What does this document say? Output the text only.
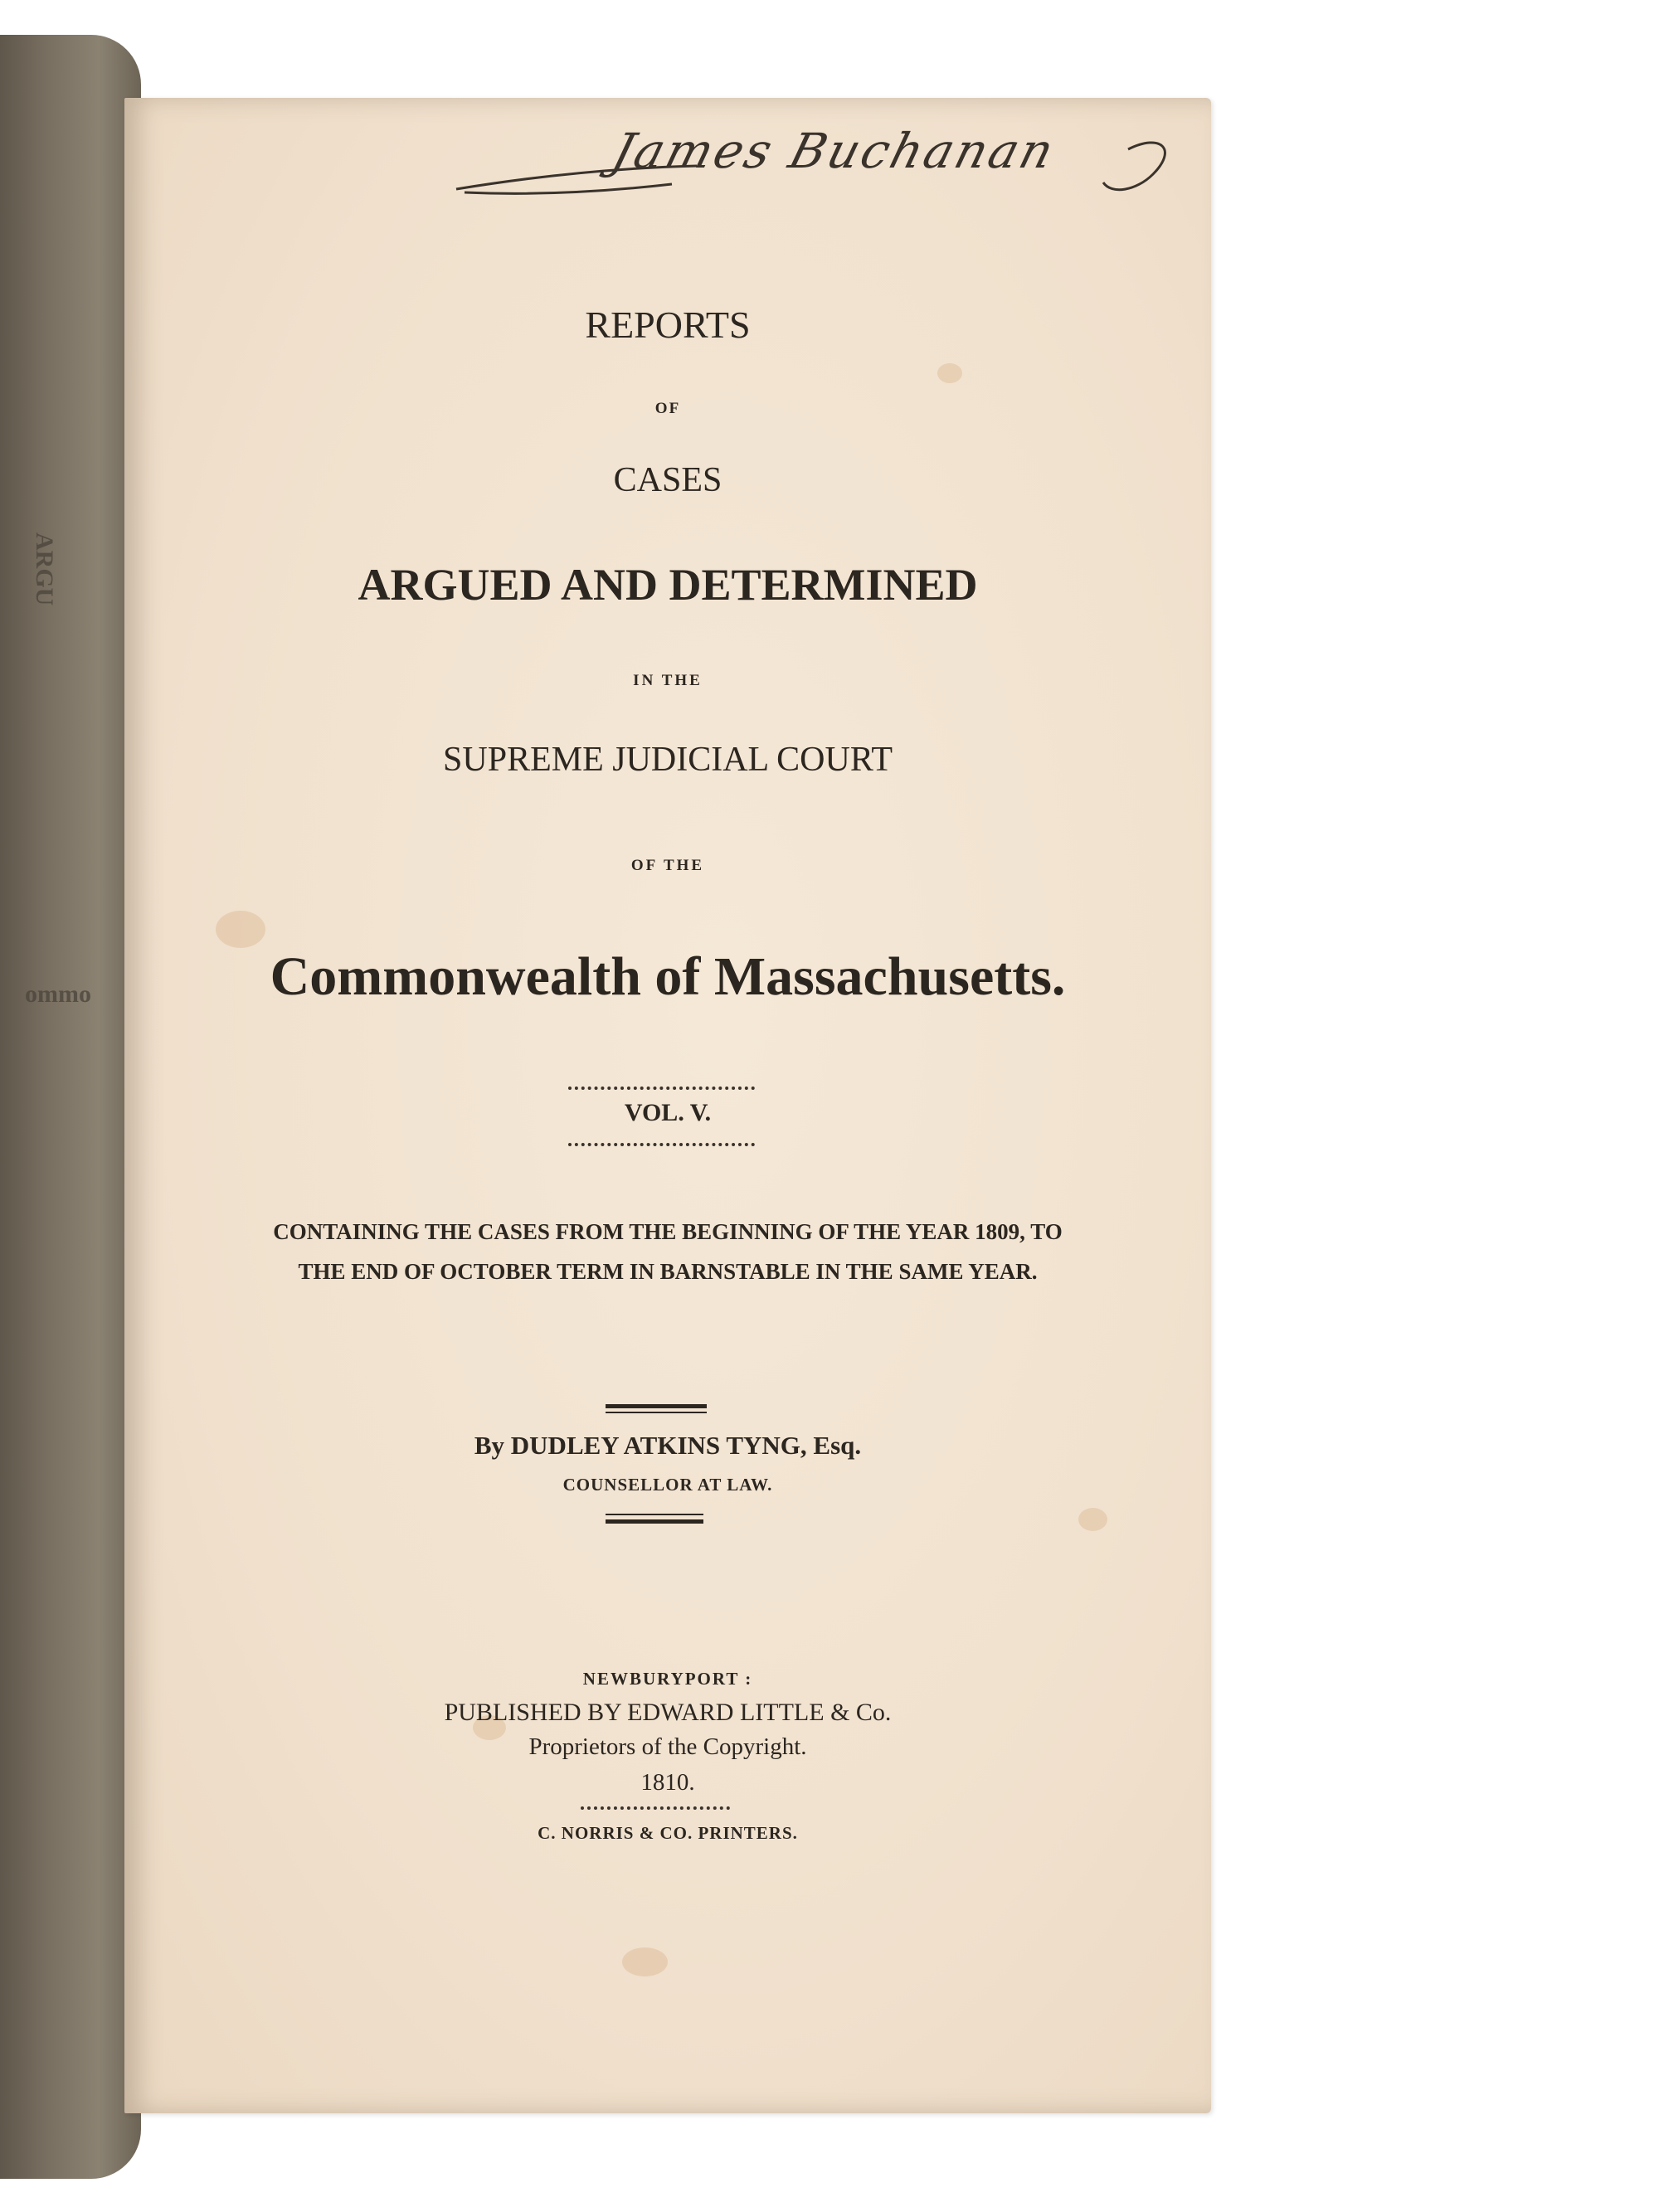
ARGU
ommo
James Buchanan
REPORTS
OF
CASES
ARGUED AND DETERMINED
IN THE
SUPREME JUDICIAL COURT
OF THE
Commonwealth of Massachusetts.
VOL. V.
CONTAINING THE CASES FROM THE BEGINNING OF THE YEAR 1809, TO
THE END OF OCTOBER TERM IN BARNSTABLE IN THE SAME YEAR.
By DUDLEY ATKINS TYNG, Esq.
COUNSELLOR AT LAW.
NEWBURYPORT :
PUBLISHED BY EDWARD LITTLE & Co.
Proprietors of the Copyright.
1810.
C. NORRIS & CO. PRINTERS.
